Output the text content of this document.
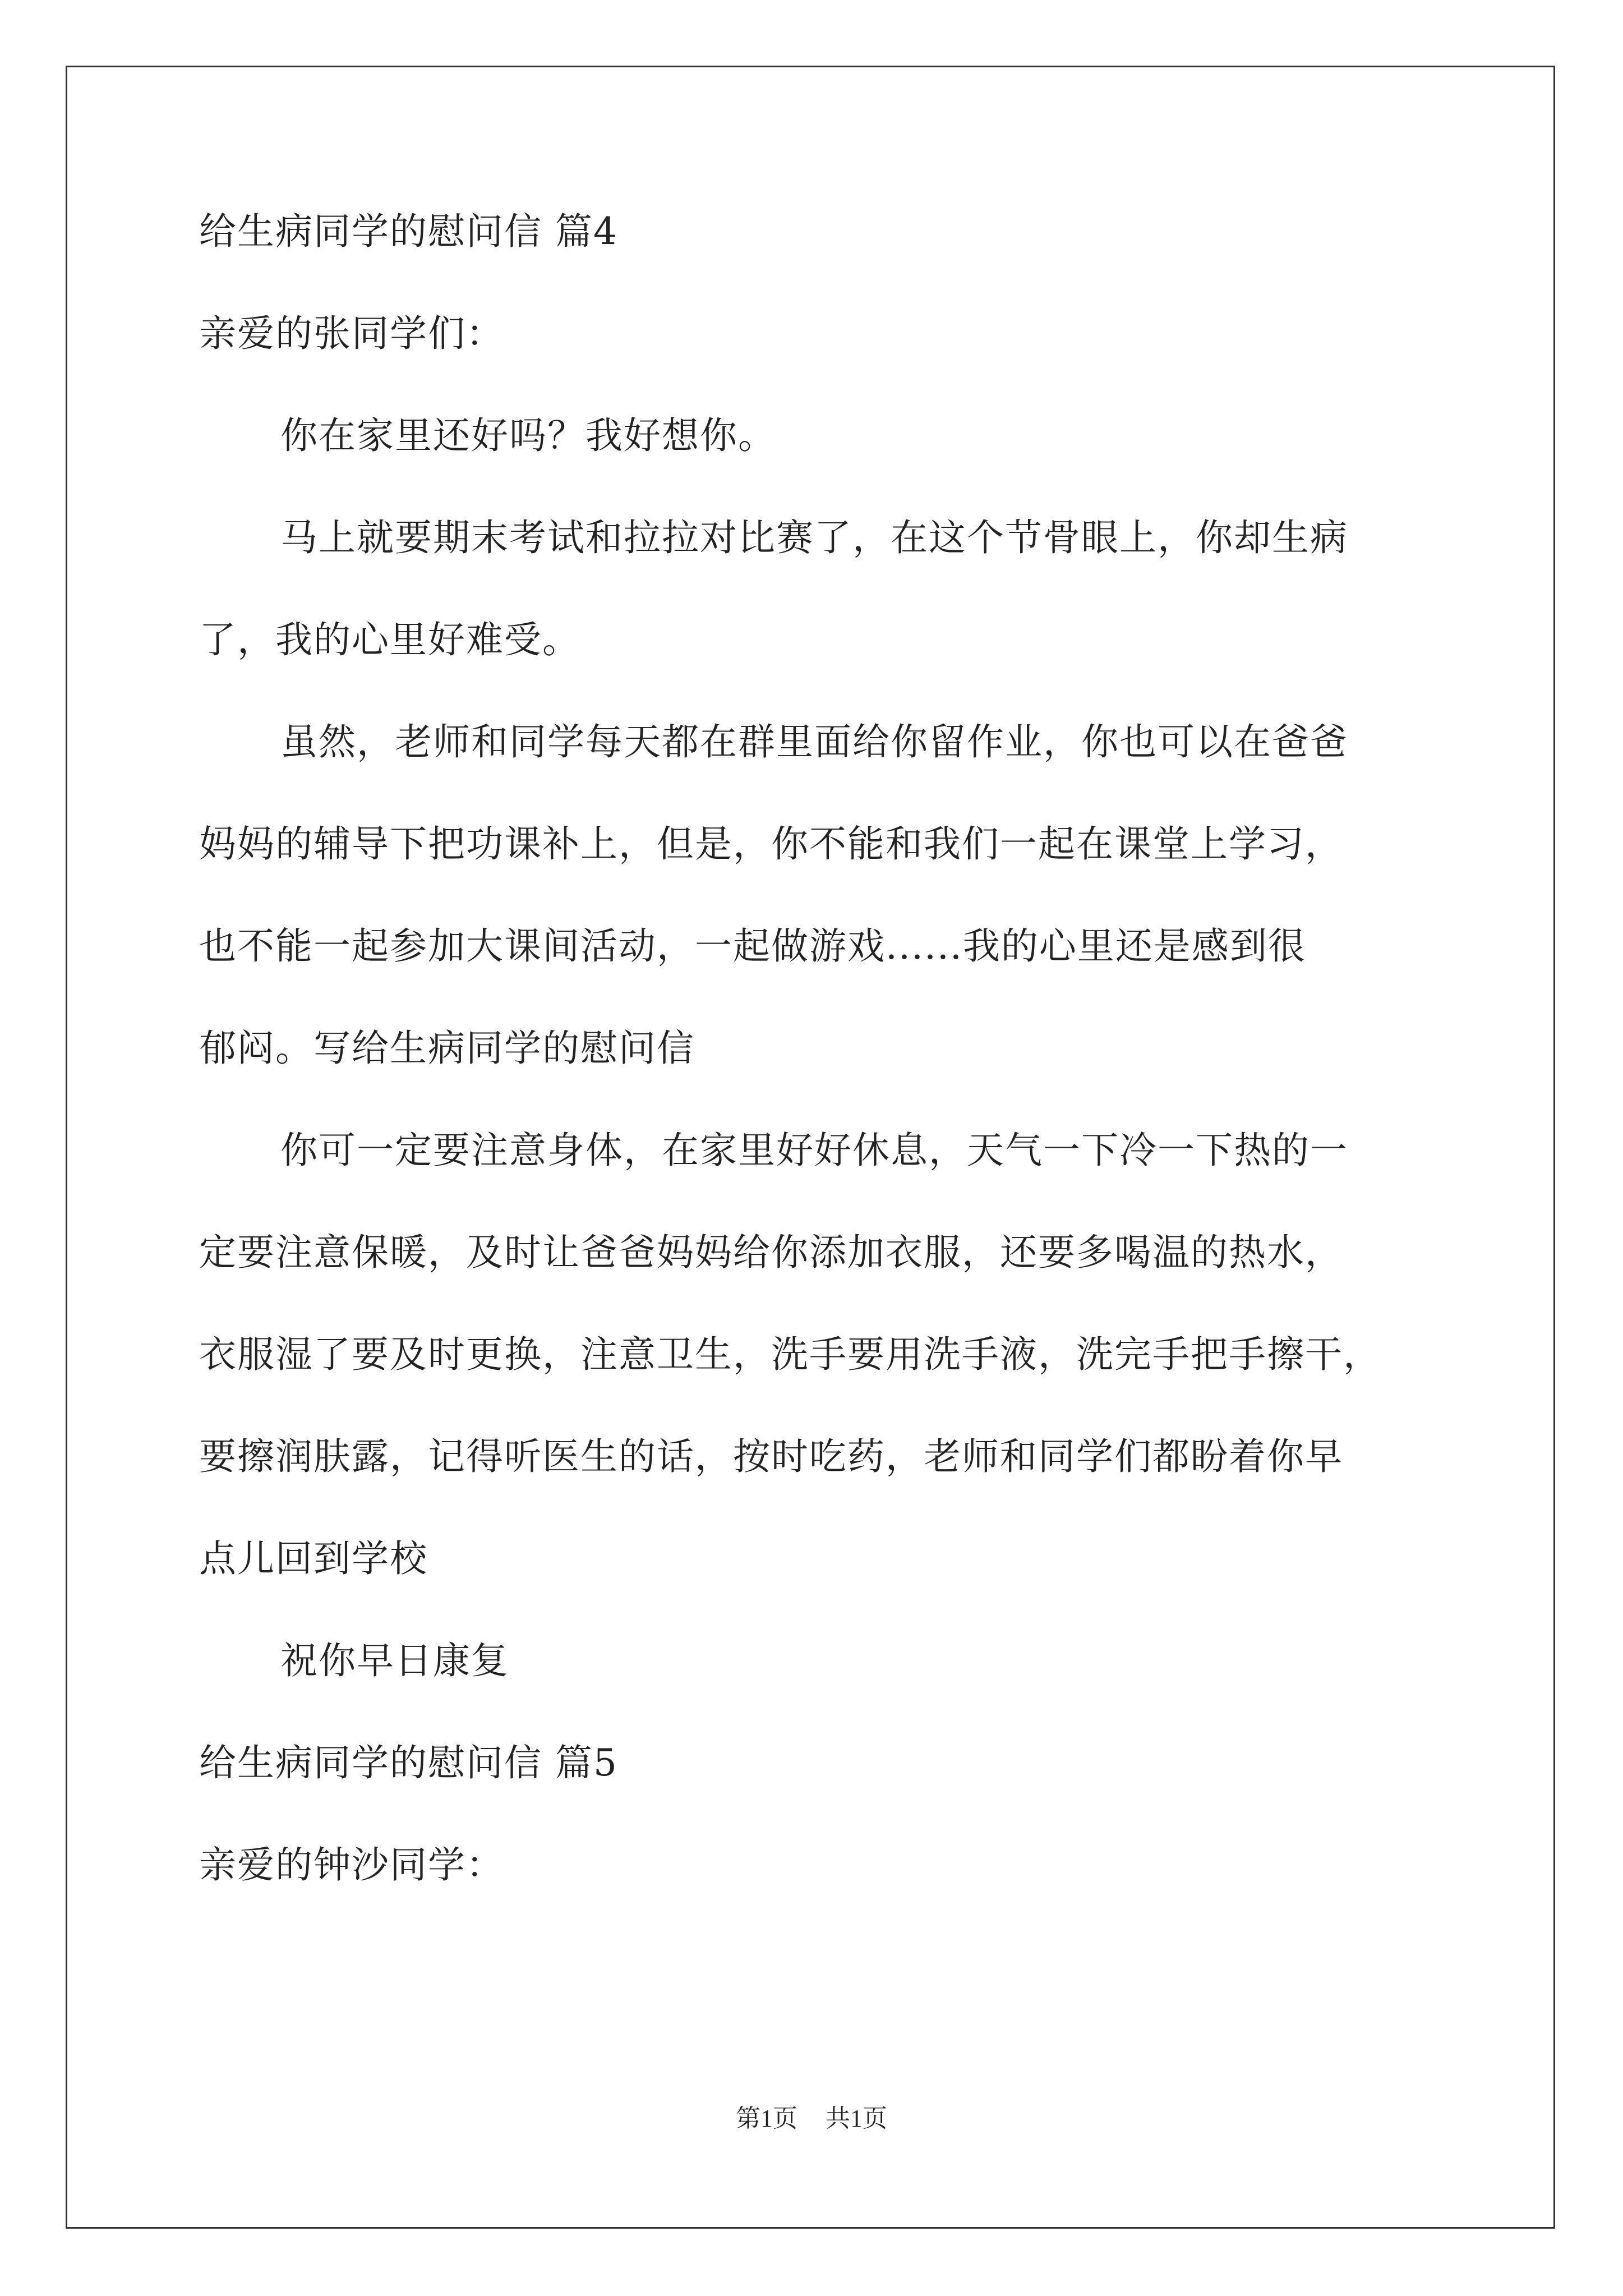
给生病同学的慰问信 篇4

亲爱的张同学们：

你在家里还好吗？我好想你。

马上就要期末考试和拉拉对比赛了，在这个节骨眼上，你却生病

了，我的心里好难受。

虽然，老师和同学每天都在群里面给你留作业，你也可以在爸爸

妈妈的辅导下把功课补上，但是，你不能和我们一起在课堂上学习，

也不能一起参加大课间活动，一起做游戏......我的心里还是感到很

郁闷。写给生病同学的慰问信

你可一定要注意身体，在家里好好休息，天气一下冷一下热的一

定要注意保暖，及时让爸爸妈妈给你添加衣服，还要多喝温的热水，

衣服湿了要及时更换，注意卫生，洗手要用洗手液，洗完手把手擦干，

要擦润肤露，记得听医生的话，按时吃药，老师和同学们都盼着你早

点儿回到学校

祝你早日康复

给生病同学的慰问信 篇5

亲爱的钟沙同学：

第1页 共1页
